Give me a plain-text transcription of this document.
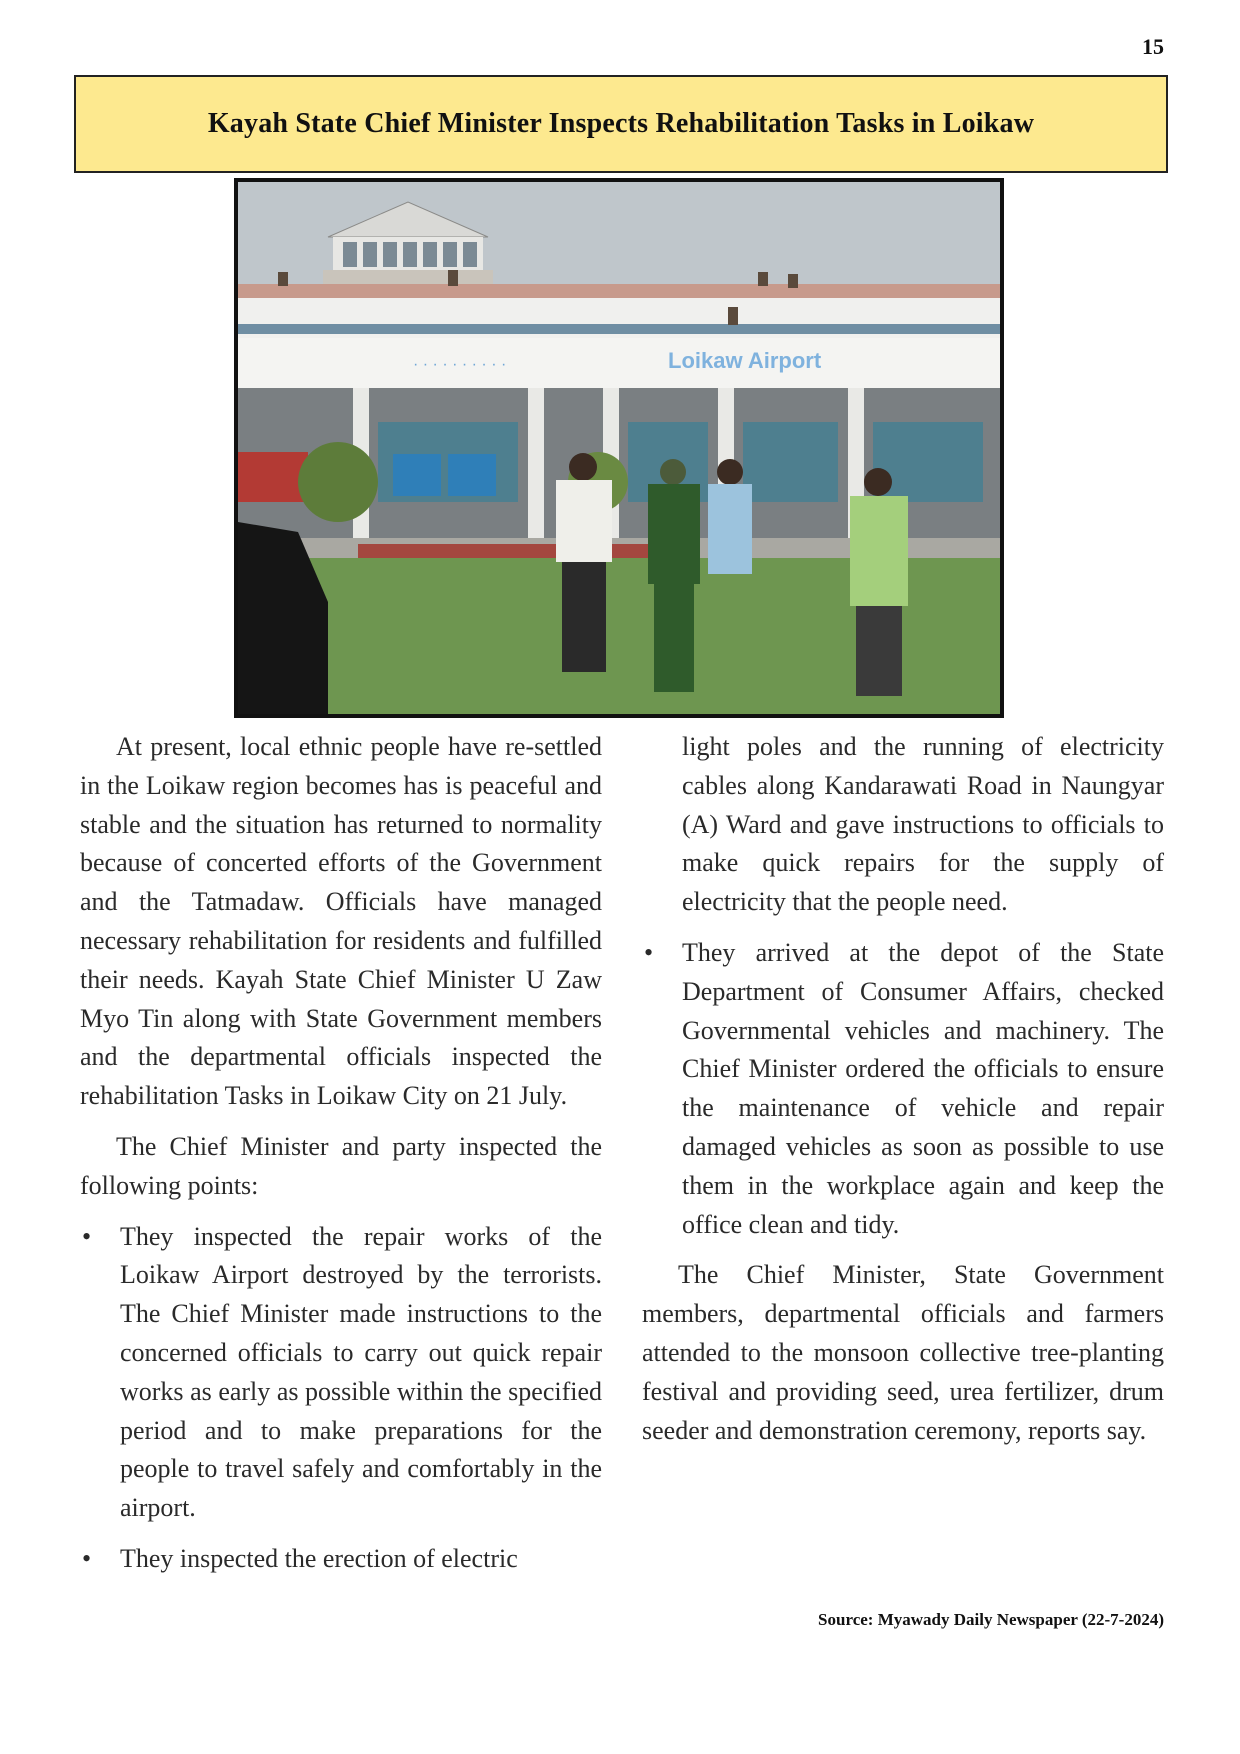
15
Kayah State Chief Minister Inspects Rehabilitation Tasks in Loikaw
· · · · · · · · · ·	Loikaw Airport

At present, local ethnic people have re-settled in the Loikaw region becomes has is peaceful and stable and the situation has returned to normality because of concerted efforts of the Government and the Tatmadaw. Officials have managed necessary rehabilitation for residents and fulfilled their needs. Kayah State Chief Minister U Zaw Myo Tin along with State Government members and the departmental officials inspected the rehabilitation Tasks in Loikaw City on 21 July.

The Chief Minister and party inspected the following points:

• They inspected the repair works of the Loikaw Airport destroyed by the terrorists. The Chief Minister made instructions to the concerned officials to carry out quick repair works as early as possible within the specified period and to make preparations for the people to travel safely and comfortably in the airport.
• They inspected the erection of electric

light poles and the running of electricity cables along Kandarawati Road in Naungyar (A) Ward and gave instructions to officials to make quick repairs for the supply of electricity that the people need.

• They arrived at the depot of the State Department of Consumer Affairs, checked Governmental vehicles and machinery. The Chief Minister ordered the officials to ensure the maintenance of vehicle and repair damaged vehicles as soon as possible to use them in the workplace again and keep the office clean and tidy.

The Chief Minister, State Government members, departmental officials and farmers attended to the monsoon collective tree-planting festival and providing seed, urea fertilizer, drum seeder and demonstration ceremony, reports say.

Source: Myawady Daily Newspaper (22-7-2024)
